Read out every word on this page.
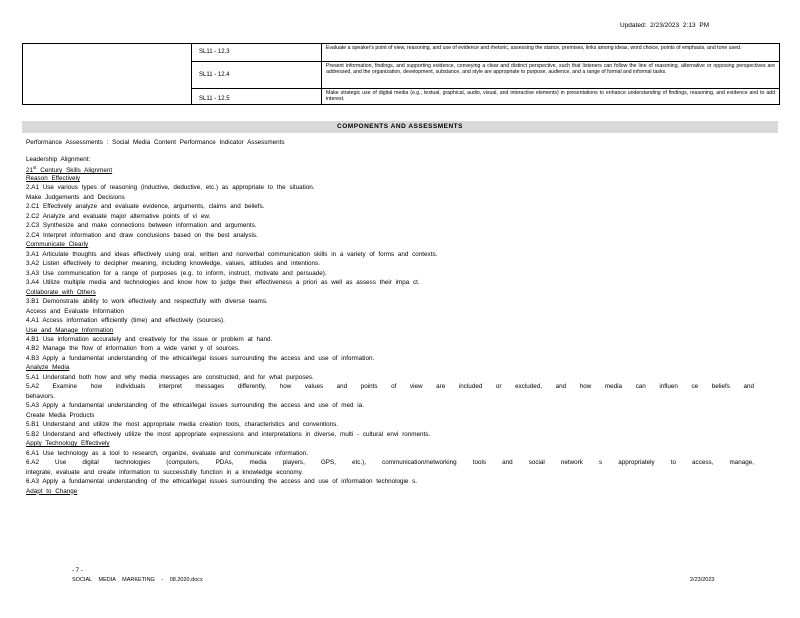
Updated: 2/23/2023 2:13 PM
SL11 - 12.3
Evaluate a speaker's point of view, reasoning, and use of evidence and rhetoric, assessing the stance, premises, links among ideas, word choice, points of emphasis, and tone used.
SL11 - 12.4
Present information, findings, and supporting evidence, conveying a clear and distinct perspective, such that listeners can follow the line of reasoning, alternative or opposing perspectives are addressed, and the organization, development, substance, and style are appropriate to purpose, audience, and a range of formal and informal tasks.
SL11 - 12.5
Make strategic use of digital media (e.g., textual, graphical, audio, visual, and interactive elements) in presentations to enhance understanding of findings, reasoning, and evidence and to add interest.
COMPONENTS AND ASSESSMENTS
Performance Assessments : Social Media Content Performance Indicator Assessments
Leadership Alignment:
21st Century Skills Alignment
Reason Effectively
2.A1 Use various types of reasoning (inductive, deductive, etc.) as appropriate to the situation.
Make Judgements and Decisions
2.C1 Effectively analyze and evaluate evidence, arguments, claims and beliefs.
2.C2 Analyze and evaluate major alternative points of vi ew.
2.C3 Synthesize and make connections between information and arguments.
2.C4 Interpret information and draw conclusions based on the best analysis.
Communicate Clearly
3.A1 Articulate thoughts and ideas effectively using oral, written and nonverbal communication skills in a variety of forms and contexts.
3.A2 Listen effectively to decipher meaning, including knowledge, values, attitudes and intentions.
3.A3 Use communication for a range of purposes (e.g. to inform, instruct, motivate and persuade).
3.A4 Utilize multiple media and technologies and know how to judge their effectiveness a priori as well as assess their impa ct.
Collaborate with Others
3.B1 Demonstrate ability to work effectively and respectfully with diverse teams.
Access and Evaluate Information
4.A1 Access information efficiently (time) and effectively (sources).
Use and Manage Information
4.B1 Use information accurately and creatively for the issue or problem at hand.
4.B2 Manage the flow of information from a wide variet y of sources.
4.B3 Apply a fundamental understanding of the ethical/legal issues surrounding the access and use of information.
Analyze Media
5.A1 Understand both how and why media messages are constructed, and for what purposes.
5.A2 Examine how individuals interpret messages differently, how values and points of view are included or excluded, and how media can influen ce beliefs and
behaviors.
5.A3 Apply a fundamental understanding of the ethical/legal issues surrounding the access and use of med ia.
Create Media Products
5.B1 Understand and utilize the most appropriate media creation tools, characteristics and conventions.
5.B2 Understand and effectively utilize the most appropriate expressions and interpretations in diverse, multi - cultural envi ronments.
Apply Technology Effectively
6.A1 Use technology as a tool to research, organize, evaluate and communicate information.
6.A2 Use digital technologies (computers, PDAs, media players, GPS, etc.), communication/networking tools and social network s appropriately to access, manage,
integrate, evaluate and create information to successfully function in a knowledge economy.
6.A3 Apply a fundamental understanding of the ethical/legal issues surrounding the access and use of information technologie s.
Adapt to Change
- 7 -
SOCIAL MEDIA MARKETING - 08.2020.docx	2/23/2023
